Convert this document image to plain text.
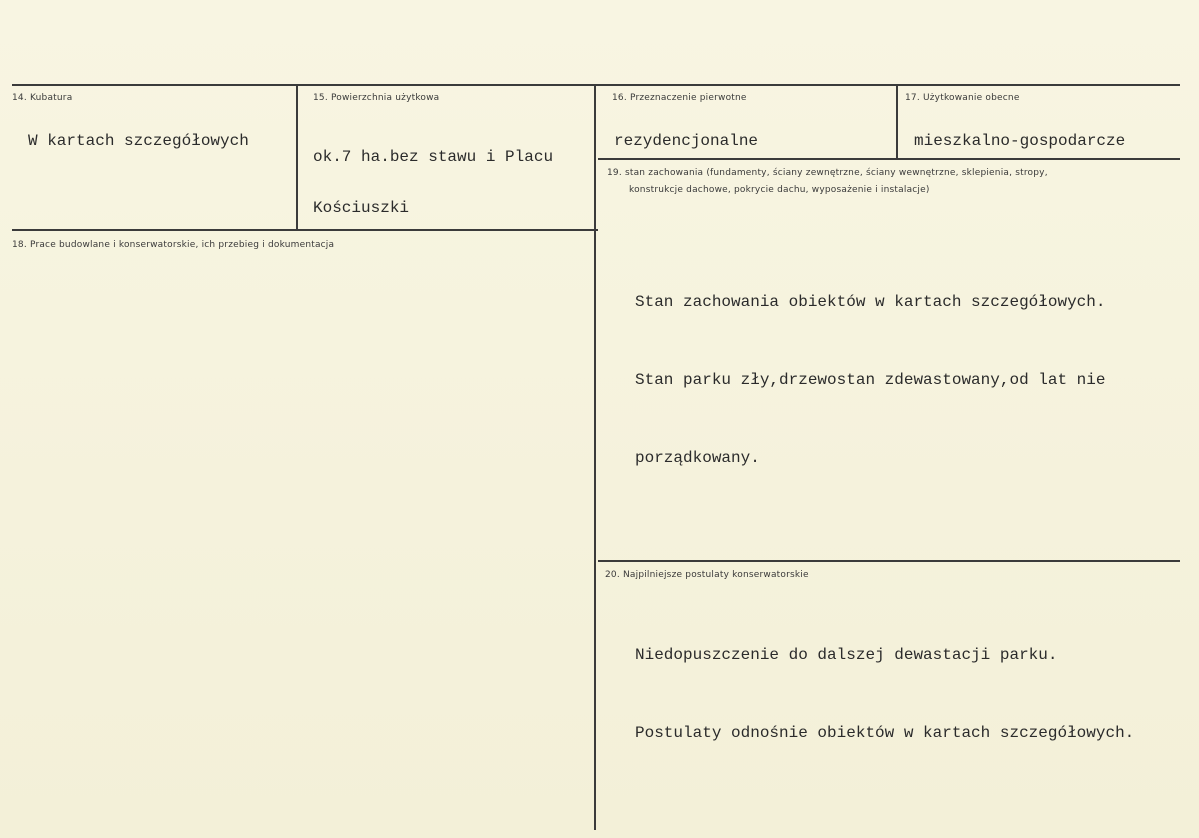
14. Kubatura
W kartach szczegółowych
15. Powierzchnia użytkowa

ok.7 ha.bez stawu i Placu

Kościuszki

16. Przeznaczenie pierwotne
rezydencjonalne
17. Użytkowanie obecne
mieszkalno-gospodarcze
18. Prace budowlane i konserwatorskie, ich przebieg i dokumentacja
19. stan zachowania (fundamenty, ściany zewnętrzne, ściany wewnętrzne, sklepienia, stropy,
konstrukcje dachowe, pokrycie dachu, wyposażenie i instalacje)

Stan zachowania obiektów w kartach szczegółowych.

Stan parku zły,drzewostan zdewastowany,od lat nie

porządkowany.

20. Najpilniejsze postulaty konserwatorskie

Niedopuszczenie do dalszej dewastacji parku.

Postulaty odnośnie obiektów w kartach szczegółowych.
